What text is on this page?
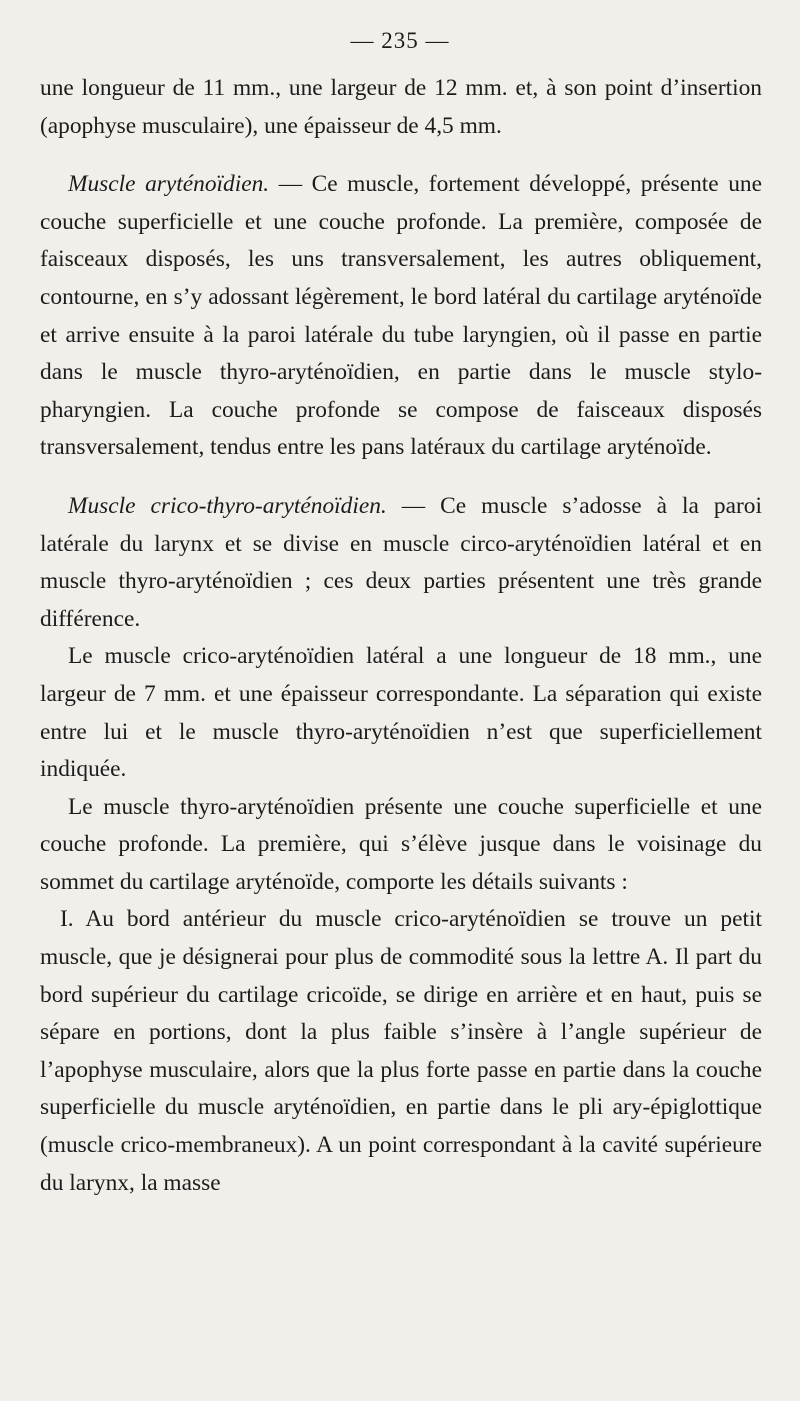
— 235 —

une longueur de 11 mm., une largeur de 12 mm. et, à son point d’insertion (apophyse musculaire), une épaisseur de 4,5 mm.

Muscle aryténoïdien. — Ce muscle, fortement développé, présente une couche superficielle et une couche profonde. La première, composée de faisceaux disposés, les uns transversalement, les autres obliquement, contourne, en s’y adossant légèrement, le bord latéral du cartilage aryténoïde et arrive ensuite à la paroi latérale du tube laryngien, où il passe en partie dans le muscle thyro-aryténoïdien, en partie dans le muscle stylo-pharyngien. La couche profonde se compose de faisceaux disposés transversalement, tendus entre les pans latéraux du cartilage aryténoïde.

Muscle crico-thyro-aryténoïdien. — Ce muscle s’adosse à la paroi latérale du larynx et se divise en muscle circo-aryténoïdien latéral et en muscle thyro-aryténoïdien ; ces deux parties présentent une très grande différence.

Le muscle crico-aryténoïdien latéral a une longueur de 18 mm., une largeur de 7 mm. et une épaisseur correspondante. La séparation qui existe entre lui et le muscle thyro-aryténoïdien n’est que superficiellement indiquée.

Le muscle thyro-aryténoïdien présente une couche superficielle et une couche profonde. La première, qui s’élève jusque dans le voisinage du sommet du cartilage aryténoïde, comporte les détails suivants :

I. Au bord antérieur du muscle crico-aryténoïdien se trouve un petit muscle, que je désignerai pour plus de commodité sous la lettre A. Il part du bord supérieur du cartilage cricoïde, se dirige en arrière et en haut, puis se sépare en portions, dont la plus faible s’insère à l’angle supérieur de l’apophyse musculaire, alors que la plus forte passe en partie dans la couche superficielle du muscle aryténoïdien, en partie dans le pli ary-épiglottique (muscle crico-membraneux). A un point correspondant à la cavité supérieure du larynx, la masse
